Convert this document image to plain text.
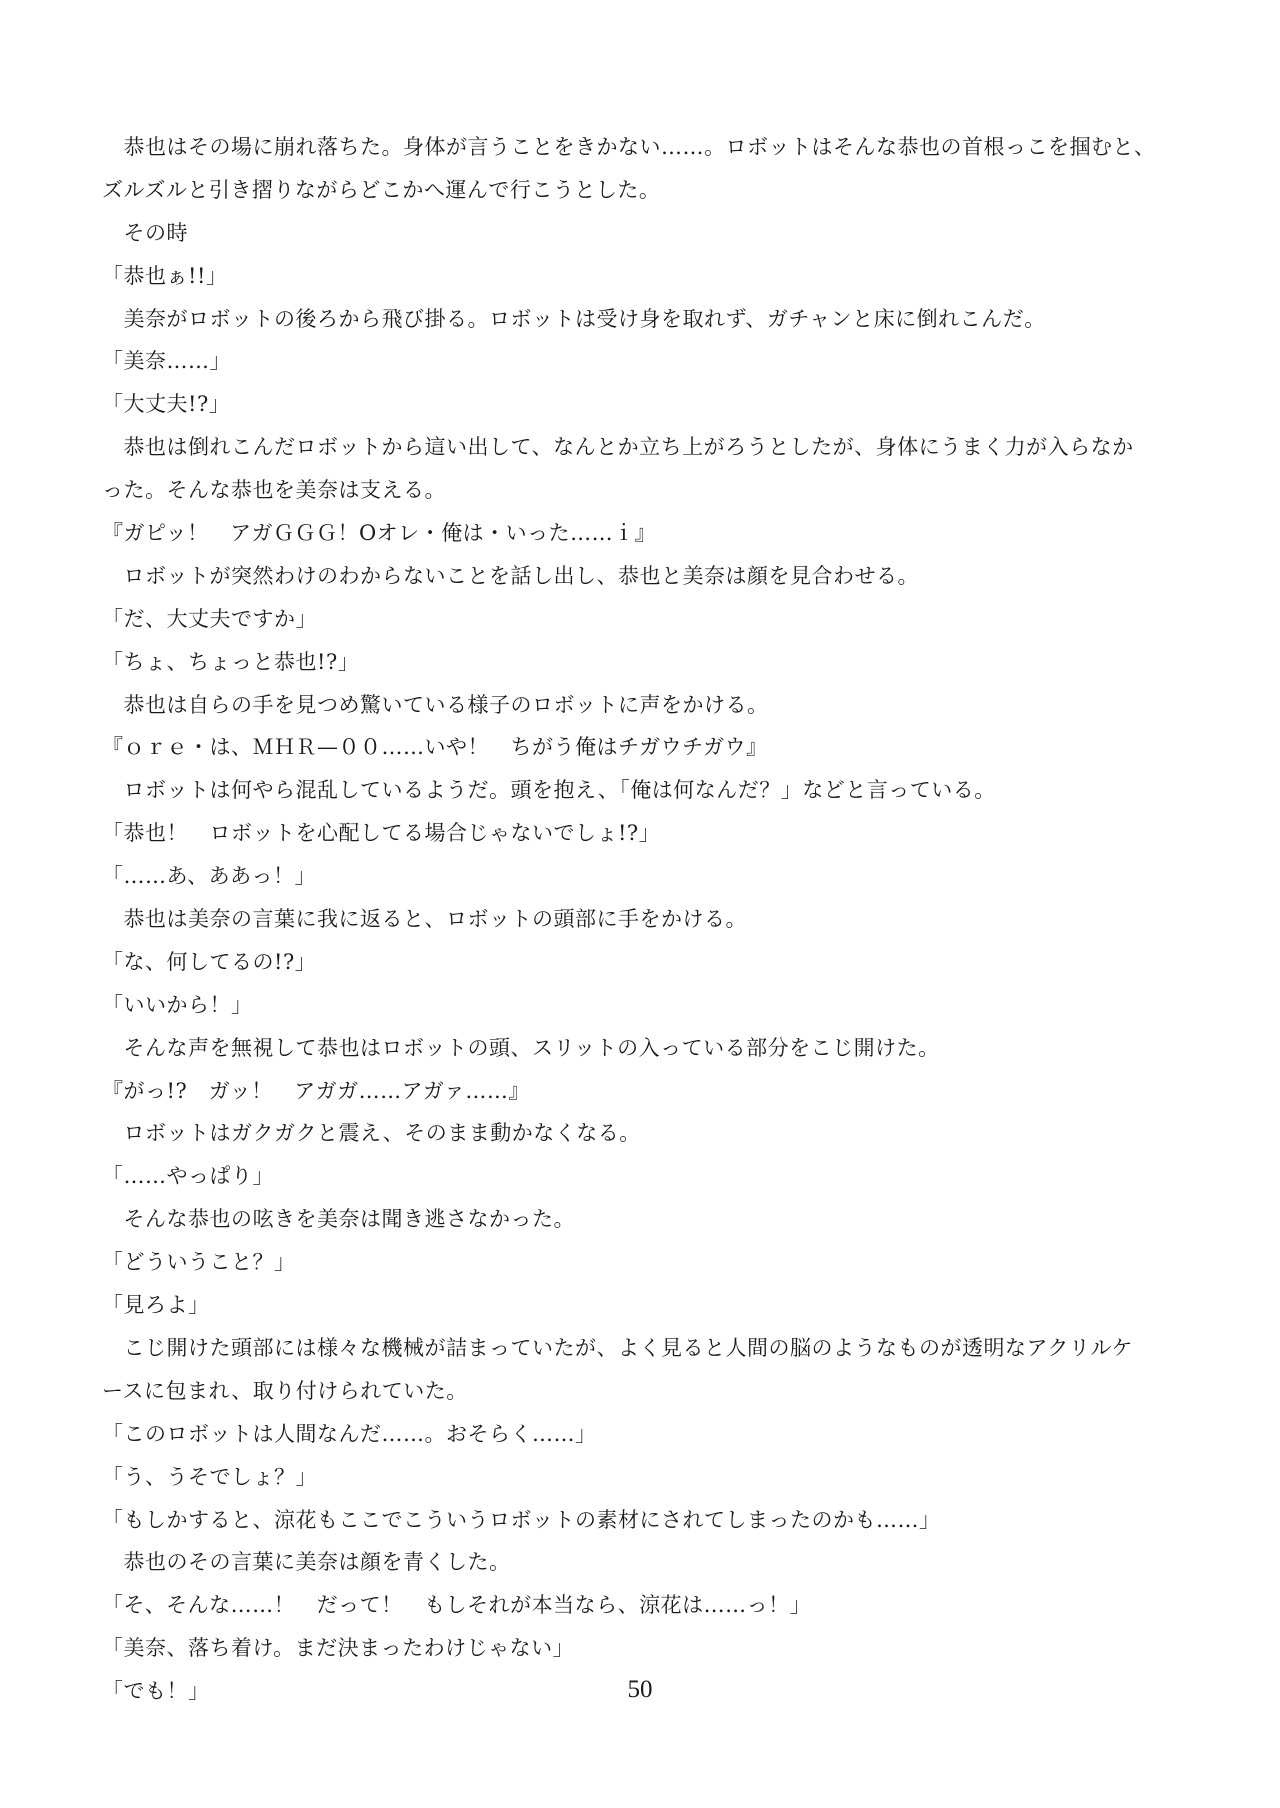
　恭也はその場に崩れ落ちた。身体が言うことをきかない……。ロボットはそんな恭也の首根っこを掴むと、
ズルズルと引き摺りながらどこかへ運んで行こうとした。
　その時
「恭也ぁ!!」
　美奈がロボットの後ろから飛び掛る。ロボットは受け身を取れず、ガチャンと床に倒れこんだ。
「美奈……」
「大丈夫!?」
　恭也は倒れこんだロボットから這い出して、なんとか立ち上がろうとしたが、身体にうまく力が入らなか
った。そんな恭也を美奈は支える。
『ガピッ！　アガＧＧＧ！Oオレ・俺は・いった……ｉ』
　ロボットが突然わけのわからないことを話し出し、恭也と美奈は顔を見合わせる。
「だ、大丈夫ですか」
「ちょ、ちょっと恭也!?」
　恭也は自らの手を見つめ驚いている様子のロボットに声をかける。
『ｏｒｅ・は、ＭＨＲ—００……いや！　ちがう俺はチガウチガウ』
　ロボットは何やら混乱しているようだ。頭を抱え、「俺は何なんだ？」などと言っている。
「恭也！　ロボットを心配してる場合じゃないでしょ!?」
「……あ、ああっ！」
　恭也は美奈の言葉に我に返ると、ロボットの頭部に手をかける。
「な、何してるの!?」
「いいから！」
　そんな声を無視して恭也はロボットの頭、スリットの入っている部分をこじ開けた。
『がっ!?　ガッ！　アガガ……アガァ……』
　ロボットはガクガクと震え、そのまま動かなくなる。
「……やっぱり」
　そんな恭也の呟きを美奈は聞き逃さなかった。
「どういうこと？」
「見ろよ」
　こじ開けた頭部には様々な機械が詰まっていたが、よく見ると人間の脳のようなものが透明なアクリルケ
ースに包まれ、取り付けられていた。
「このロボットは人間なんだ……。おそらく……」
「う、うそでしょ？」
「もしかすると、涼花もここでこういうロボットの素材にされてしまったのかも……」
　恭也のその言葉に美奈は顔を青くした。
「そ、そんな……！　だって！　もしそれが本当なら、涼花は……っ！」
「美奈、落ち着け。まだ決まったわけじゃない」
「でも！」	50
